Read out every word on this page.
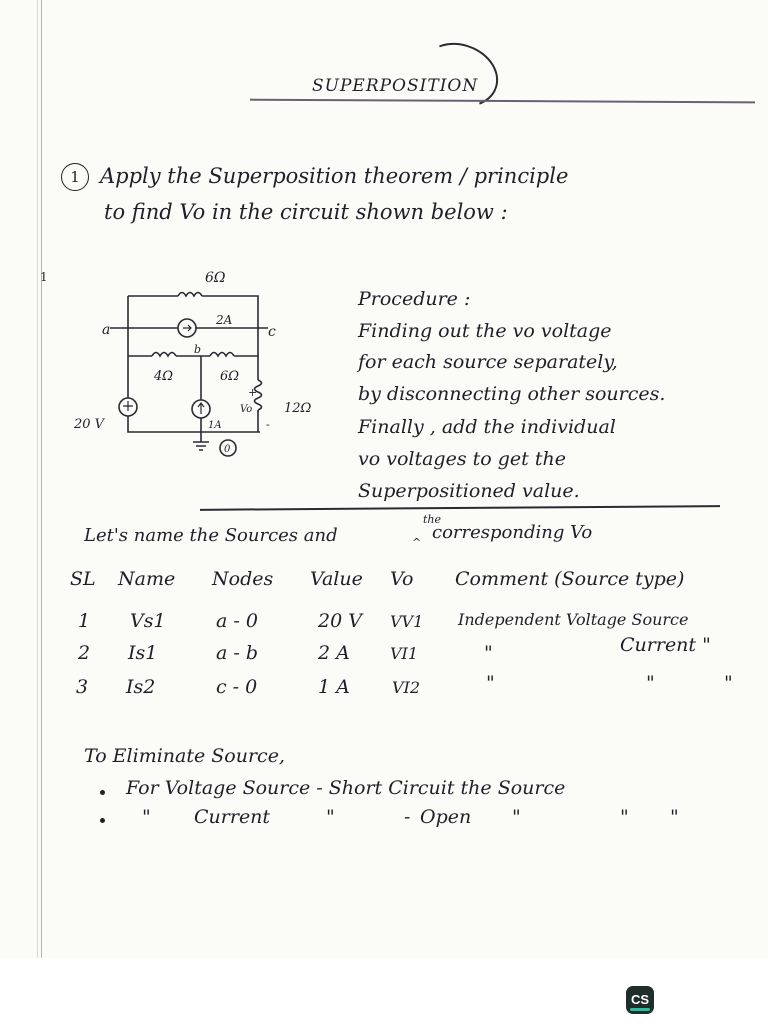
SUPERPOSITION
1 Apply the Superposition theorem / principle
to find Vo in the circuit shown below :
1	6Ω
2A
a	c
b
4Ω	6Ω
20 V	1A
Vo
+
-
12Ω
0
Procedure :
Finding out the vo voltage
for each source separately,
by disconnecting other sources.
Finally , add the individual
vo voltages to get the
Superpositioned value.
Let's name the Sources and
the
^ corresponding Vo
SL Name Nodes Value Vo Comment (Source type)
1 Vs1	a - 0	20 V VV1 Independent Voltage Source
2 Is1	a - b	2 A	VI1	"	Current "
3 Is2	c - 0	1 A	VI2	"	"	"
To Eliminate Source,
For Voltage Source - Short Circuit the Source
" Current	"	- Open "	" "
CS
